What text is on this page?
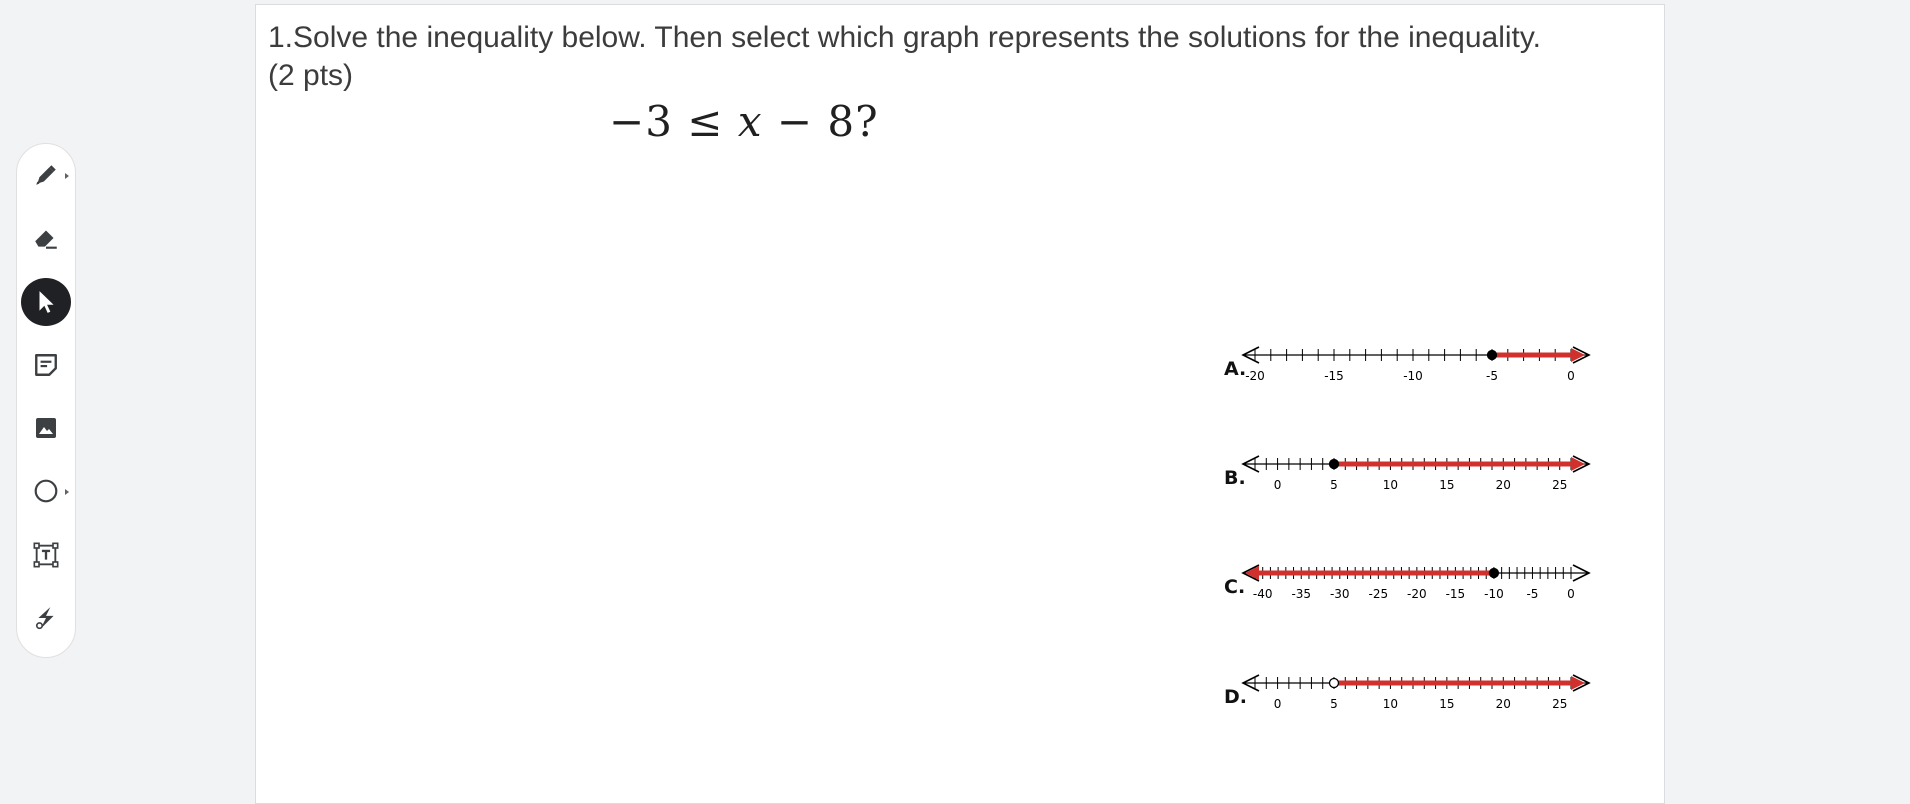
1.Solve the inequality below. Then select which graph represents the solutions for the inequality.
(2 pts)
−3 ≤ x − 8?
A.
-20	-15	-10	-5	0
B. 0	5	10	15	20	25
C. -40 -35 -30 -25 -20 -15 -10 -5 0
D. 0	5	10	15	20	25
